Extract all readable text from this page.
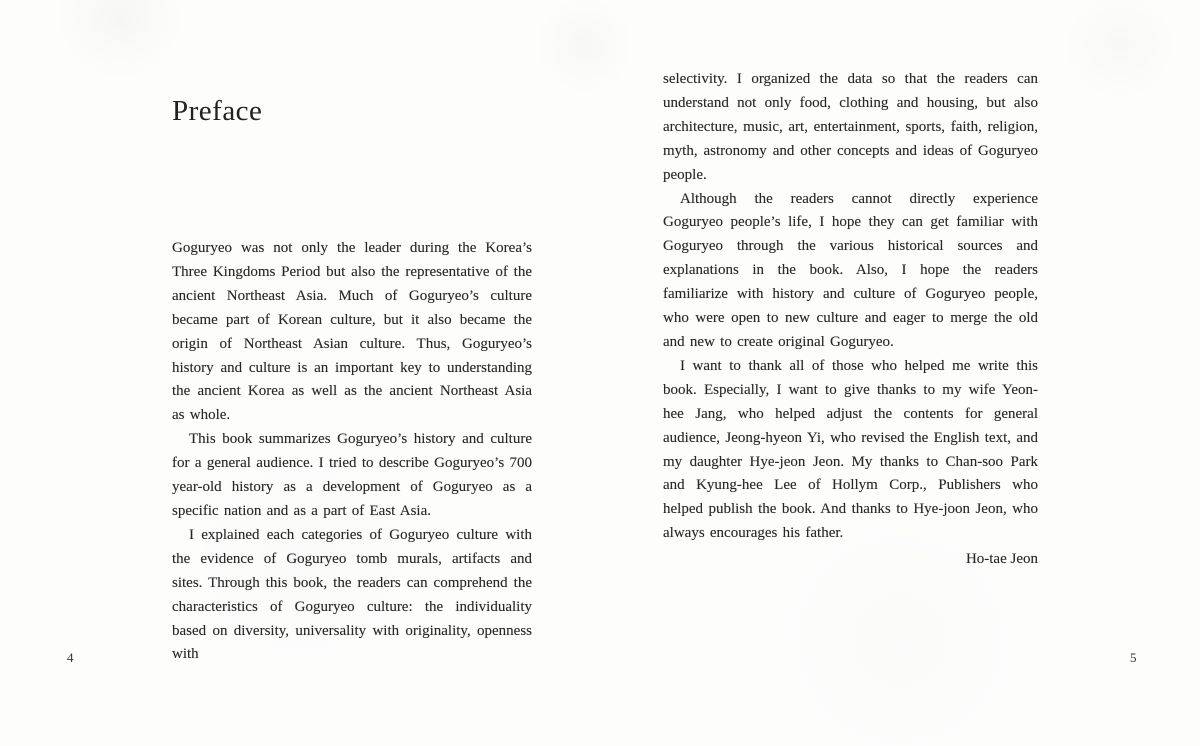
Preface

Goguryeo was not only the leader during the Korea’s Three Kingdoms Period but also the representative of the ancient Northeast Asia. Much of Goguryeo’s culture became part of Korean culture, but it also became the origin of Northeast Asian culture. Thus, Goguryeo’s history and culture is an important key to understanding the ancient Korea as well as the ancient Northeast Asia as whole.

This book summarizes Goguryeo’s history and culture for a general audience. I tried to describe Goguryeo’s 700 year-old history as a development of Goguryeo as a specific nation and as a part of East Asia.

I explained each categories of Goguryeo culture with the evidence of Goguryeo tomb murals, artifacts and sites. Through this book, the readers can comprehend the characteristics of Goguryeo culture: the individuality based on diversity, universality with originality, openness with

4

selectivity. I organized the data so that the readers can understand not only food, clothing and housing, but also architecture, music, art, entertainment, sports, faith, religion, myth, astronomy and other concepts and ideas of Goguryeo people.

Although the readers cannot directly experience Goguryeo people’s life, I hope they can get familiar with Goguryeo through the various historical sources and explanations in the book. Also, I hope the readers familiarize with history and culture of Goguryeo people, who were open to new culture and eager to merge the old and new to create original Goguryeo.

I want to thank all of those who helped me write this book. Especially, I want to give thanks to my wife Yeon-hee Jang, who helped adjust the contents for general audience, Jeong-hyeon Yi, who revised the English text, and my daughter Hye-jeon Jeon. My thanks to Chan-soo Park and Kyung-hee Lee of Hollym Corp., Publishers who helped publish the book. And thanks to Hye-joon Jeon, who always encourages his father.

Ho-tae Jeon
5
